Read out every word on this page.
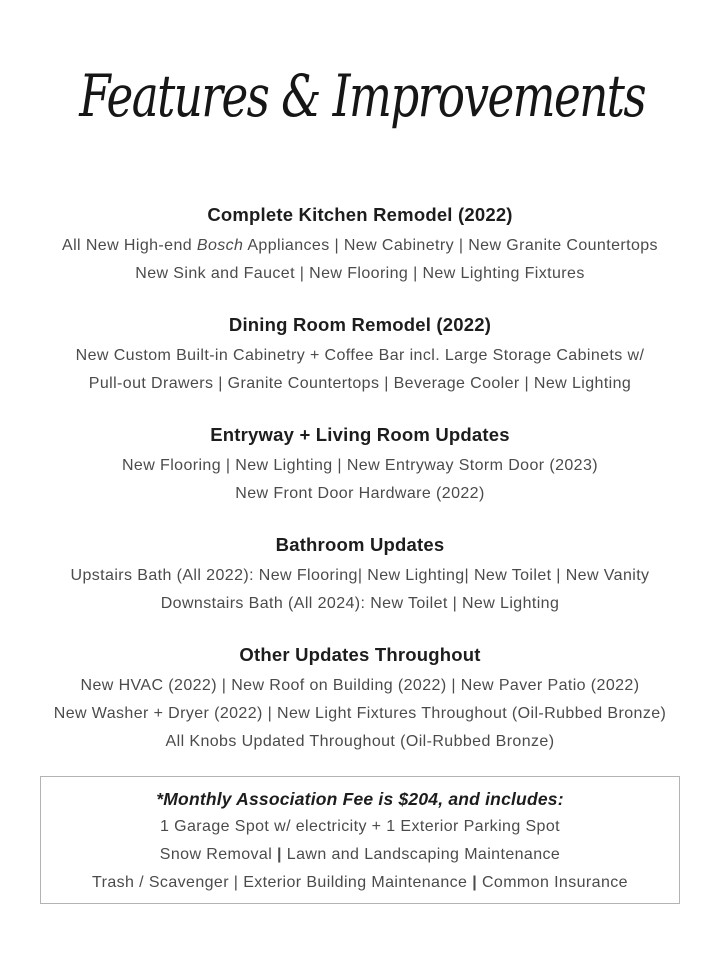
Features & Improvements
Complete Kitchen Remodel (2022)

All New High-end Bosch Appliances | New Cabinetry | New Granite Countertops

New Sink and Faucet | New Flooring | New Lighting Fixtures

Dining Room Remodel (2022)

New Custom Built-in Cabinetry + Coffee Bar incl. Large Storage Cabinets w/

Pull-out Drawers | Granite Countertops | Beverage Cooler | New Lighting

Entryway + Living Room Updates

New Flooring | New Lighting | New Entryway Storm Door (2023)

New Front Door Hardware (2022)

Bathroom Updates

Upstairs Bath (All 2022): New Flooring| New Lighting| New Toilet | New Vanity

Downstairs Bath (All 2024): New Toilet | New Lighting

Other Updates Throughout

New HVAC (2022) | New Roof on Building (2022) | New Paver Patio (2022)

New Washer + Dryer (2022) | New Light Fixtures Throughout (Oil-Rubbed Bronze)

All Knobs Updated Throughout (Oil-Rubbed Bronze)

*Monthly Association Fee is $204, and includes:

1 Garage Spot w/ electricity + 1 Exterior Parking Spot

Snow Removal | Lawn and Landscaping Maintenance

Trash / Scavenger | Exterior Building Maintenance | Common Insurance
